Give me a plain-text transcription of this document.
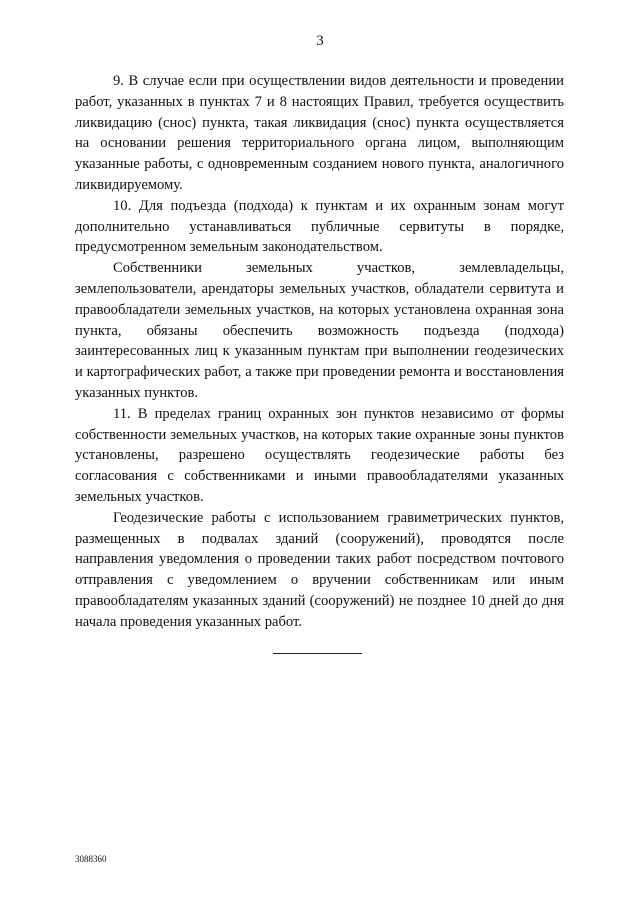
3

9. В случае если при осуществлении видов деятельности и проведении работ, указанных в пунктах 7 и 8 настоящих Правил, требуется осуществить ликвидацию (снос) пункта, такая ликвидация (снос) пункта осуществляется на основании решения территориального органа лицом, выполняющим указанные работы, с одновременным созданием нового пункта, аналогичного ликвидируемому.

10. Для подъезда (подхода) к пунктам и их охранным зонам могут дополнительно устанавливаться публичные сервитуты в порядке, предусмотренном земельным законодательством.

Собственники земельных участков, землевладельцы, землепользователи, арендаторы земельных участков, обладатели сервитута и правообладатели земельных участков, на которых установлена охранная зона пункта, обязаны обеспечить возможность подъезда (подхода) заинтересованных лиц к указанным пунктам при выполнении геодезических и картографических работ, а также при проведении ремонта и восстановления указанных пунктов.

11. В пределах границ охранных зон пунктов независимо от формы собственности земельных участков, на которых такие охранные зоны пунктов установлены, разрешено осуществлять геодезические работы без согласования с собственниками и иными правообладателями указанных земельных участков.

Геодезические работы с использованием гравиметрических пунктов, размещенных в подвалах зданий (сооружений), проводятся после направления уведомления о проведении таких работ посредством почтового отправления с уведомлением о вручении собственникам или иным правообладателям указанных зданий (сооружений) не позднее 10 дней до дня начала проведения указанных работ.

3088360
